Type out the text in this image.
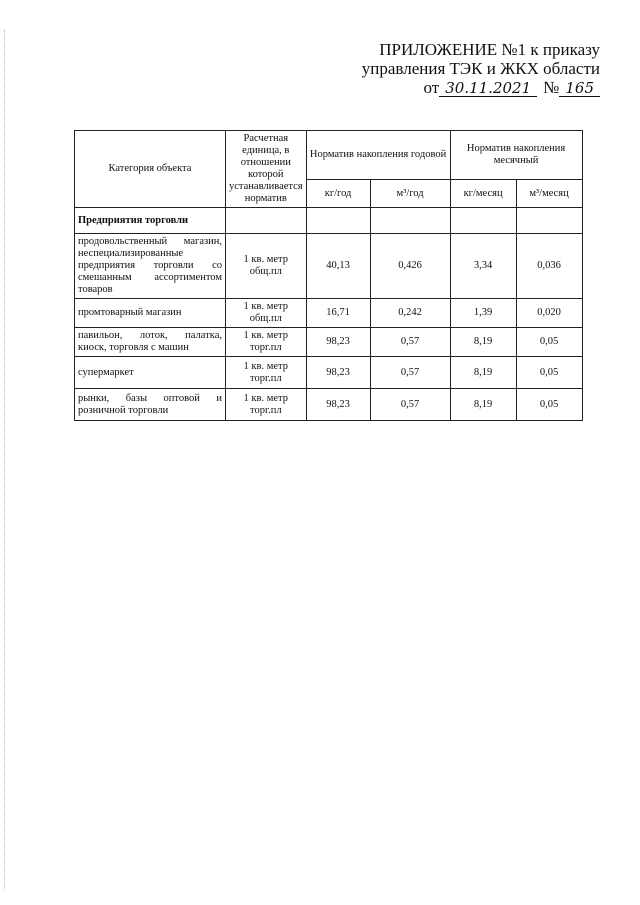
ПРИЛОЖЕНИЕ №1 к приказу
управления ТЭК и ЖКХ области
от 30.11.2021 № 165
Категория объекта	Расчетная единица, в отношении которой устанавливается норматив	Норматив накопления годовой		Норматив накопления месячный	
		кг/год	м³/год	кг/месяц	м³/месяц
Предприятия торговли					
продовольственный магазин, неспециализированные предприятия торговли со смешанным ассортиментом товаров	1 кв. метр общ.пл	40,13	0,426	3,34	0,036
промтоварный магазин	1 кв. метр общ.пл	16,71	0,242	1,39	0,020
павильон, лоток, палатка, киоск, торговля с машин	1 кв. метр торг.пл	98,23	0,57	8,19	0,05
супермаркет	1 кв. метр торг.пл	98,23	0,57	8,19	0,05
рынки, базы оптовой и розничной торговли	1 кв. метр торг.пл	98,23	0,57	8,19	0,05
